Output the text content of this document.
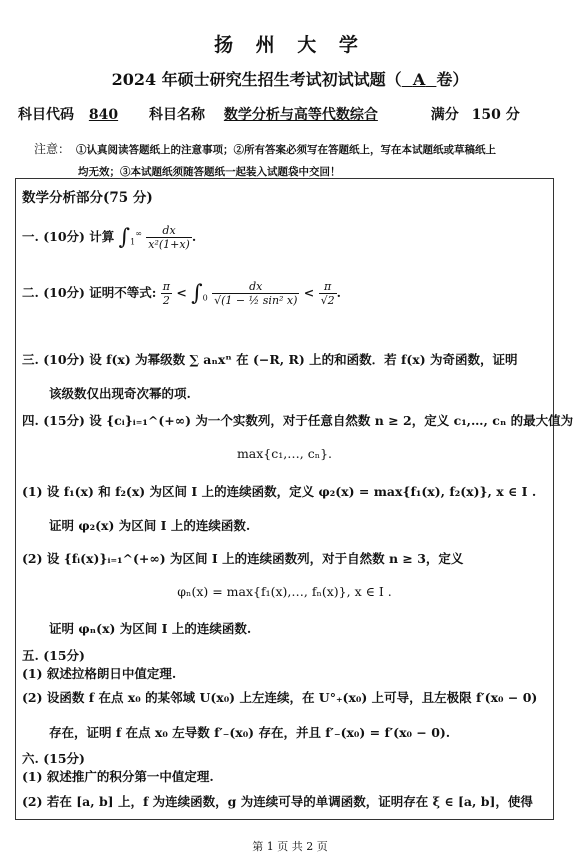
扬 州 大 学
2024 年硕士研究生招生考试初试试题（ A 卷）
科目代码 840 科目名称 数学分析与高等代数综合	满分 150 分
注意： ①认真阅读答题纸上的注意事项；②所有答案必须写在答题纸上，写在本试题纸或草稿纸上
均无效；③本试题纸须随答题纸一起装入试题袋中交回！
数学分析部分(75 分)
一. (10分) 计算 $\int_1^\infty \frac{dx}{\text{x²(1+x)}}$ .
二. (10分) 证明不等式: $\frac{\pi}{2} < \int_0 \frac{dx}{\text{√(1 − ½ sin² x)}} < \frac{\pi}{√2}$ .
三. (10分) 设 f(x) 为幂级数 ∑ aₙxⁿ 在 (−R, R) 上的和函数．若 f(x) 为奇函数，证明
该级数仅出现奇次幂的项.
四. (15分) 设 {cᵢ}ᵢ₌₁^(+∞) 为一个实数列，对于任意自然数 n ≥ 2，定义 c₁,…, cₙ 的最大值为
max{c₁,…, cₙ}.
(1) 设 f₁(x) 和 f₂(x) 为区间 I 上的连续函数，定义 φ₂(x) = max{f₁(x), f₂(x)}, x ∈ I .
证明 φ₂(x) 为区间 I 上的连续函数.
(2) 设 {fᵢ(x)}ᵢ₌₁^(+∞) 为区间 I 上的连续函数列，对于自然数 n ≥ 3，定义
φₙ(x) = max{f₁(x),…, fₙ(x)}, x ∈ I .
证明 φₙ(x) 为区间 I 上的连续函数.
五. (15分)
(1) 叙述拉格朗日中值定理.
(2) 设函数 f 在点 x₀ 的某邻域 U(x₀) 上左连续，在 U°₊(x₀) 上可导，且左极限 f′(x₀ − 0)
存在，证明 f 在点 x₀ 左导数 f′₋(x₀) 存在，并且 f′₋(x₀) = f′(x₀ − 0).
六. (15分)
(1) 叙述推广的积分第一中值定理.
(2) 若在 [a, b] 上，f 为连续函数，g 为连续可导的单调函数，证明存在 ξ ∈ [a, b]，使得
第 1 页 共 2 页
